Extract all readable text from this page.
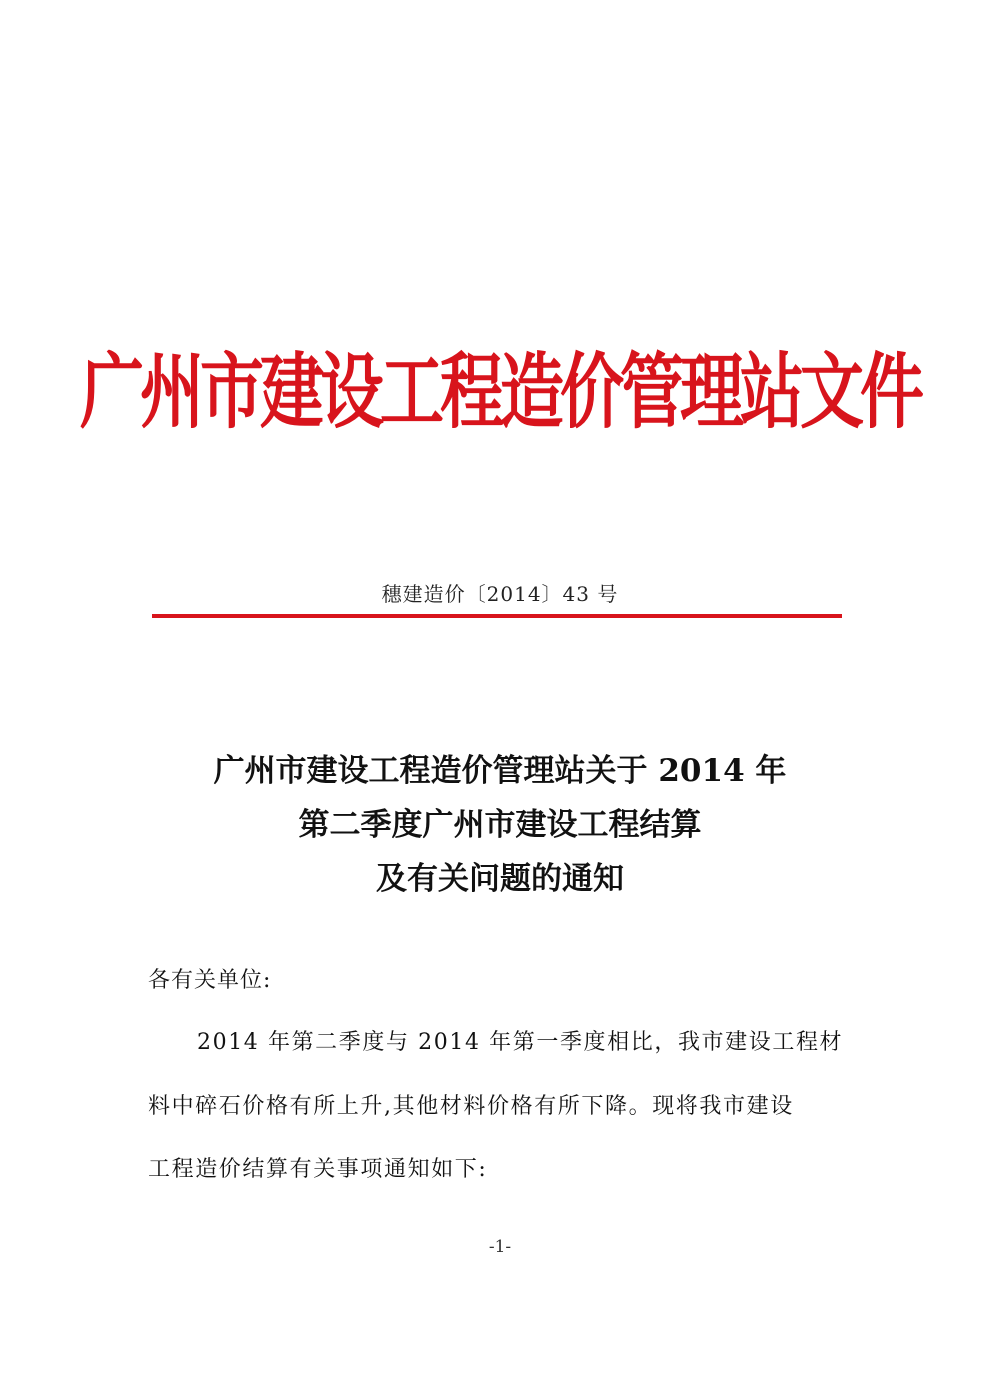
广州市建设工程造价管理站文件
穗建造价〔2014〕43 号
广州市建设工程造价管理站关于 2014 年
第二季度广州市建设工程结算
及有关问题的通知
各有关单位:
2014 年第二季度与 2014 年第一季度相比，我市建设工程材
料中碎石价格有所上升,其他材料价格有所下降。现将我市建设
工程造价结算有关事项通知如下:
-1-
